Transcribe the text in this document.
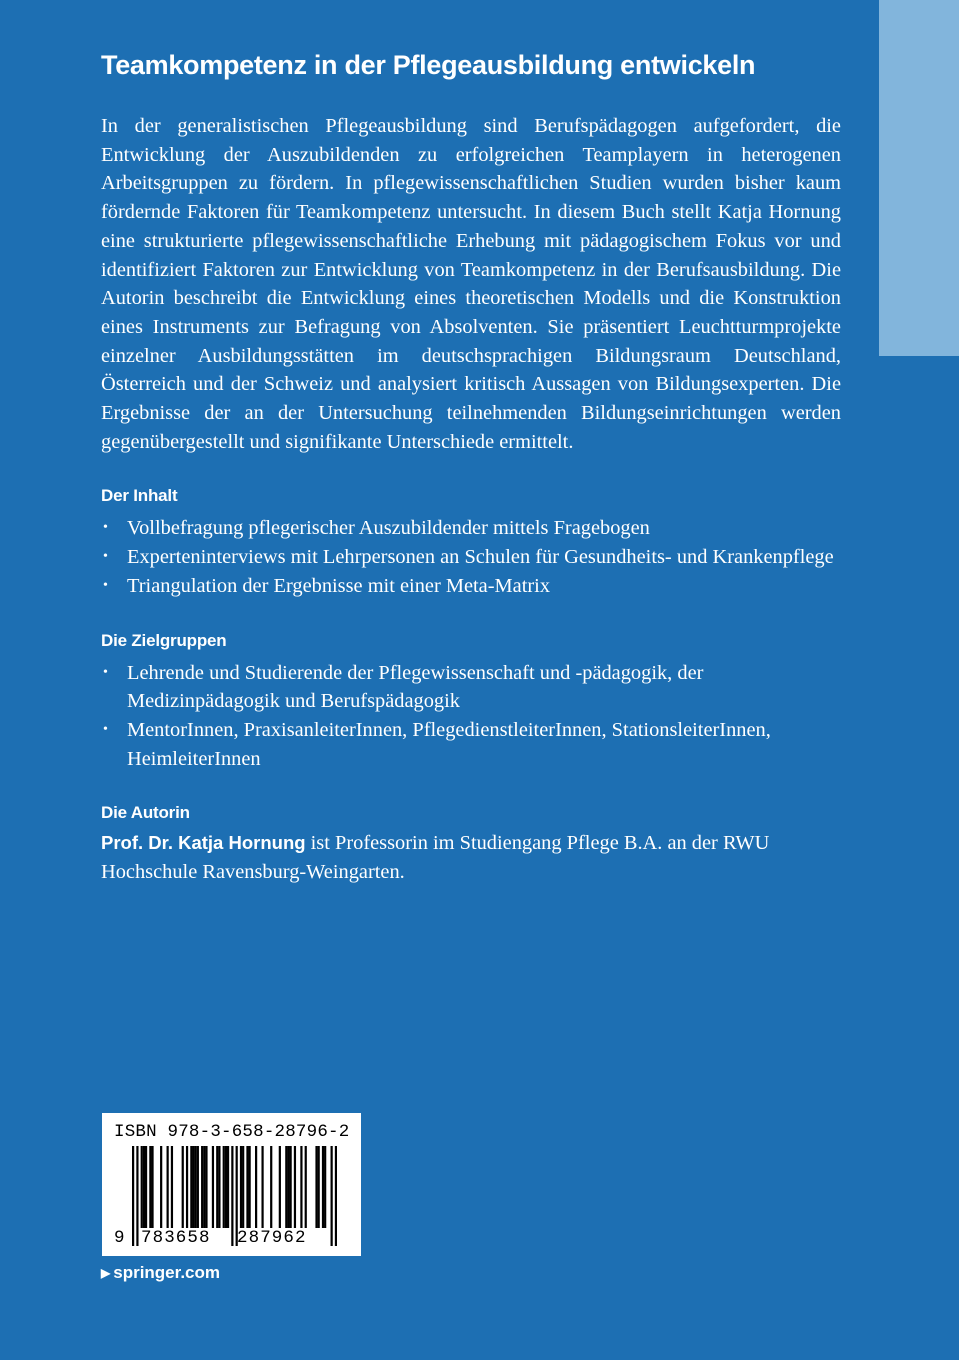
Teamkompetenz in der Pflegeausbildung entwickeln

In der generalistischen Pflegeausbildung sind Berufspädagogen aufgefordert, die Entwicklung der Auszubildenden zu erfolgreichen Teamplayern in heterogenen Arbeitsgruppen zu fördern. In pflegewissenschaftlichen Studien wurden bisher kaum fördernde Faktoren für Teamkompetenz untersucht. In diesem Buch stellt Katja Hornung eine strukturierte pflegewissenschaftliche Erhebung mit pädagogischem Fokus vor und identifiziert Faktoren zur Entwicklung von Teamkompetenz in der Berufsausbildung. Die Autorin beschreibt die Entwicklung eines theoretischen Modells und die Konstruktion eines Instruments zur Befragung von Absolventen. Sie präsentiert Leuchtturmprojekte einzelner Ausbildungsstätten im deutschsprachigen Bildungsraum Deutschland, Österreich und der Schweiz und analysiert kritisch Aussagen von Bildungsexperten. Die Ergebnisse der an der Untersuchung teilnehmenden Bildungseinrichtungen werden gegenübergestellt und signifikante Unterschiede ermittelt.

Der Inhalt
• Vollbefragung pflegerischer Auszubildender mittels Fragebogen
• Experteninterviews mit Lehrpersonen an Schulen für Gesundheits- und Krankenpflege
• Triangulation der Ergebnisse mit einer Meta-Matrix
Die Zielgruppen
• Lehrende und Studierende der Pflegewissenschaft und -pädagogik, der Medizinpädagogik und Berufspädagogik
• MentorInnen, PraxisanleiterInnen, PflegedienstleiterInnen, StationsleiterInnen, HeimleiterInnen
Die Autorin

Prof. Dr. Katja Hornung ist Professorin im Studiengang Pflege B.A. an der RWU Hochschule Ravensburg-Weingarten.

ISBN 978-3-658-28796-2
9 783658 287962
▶ springer.com
